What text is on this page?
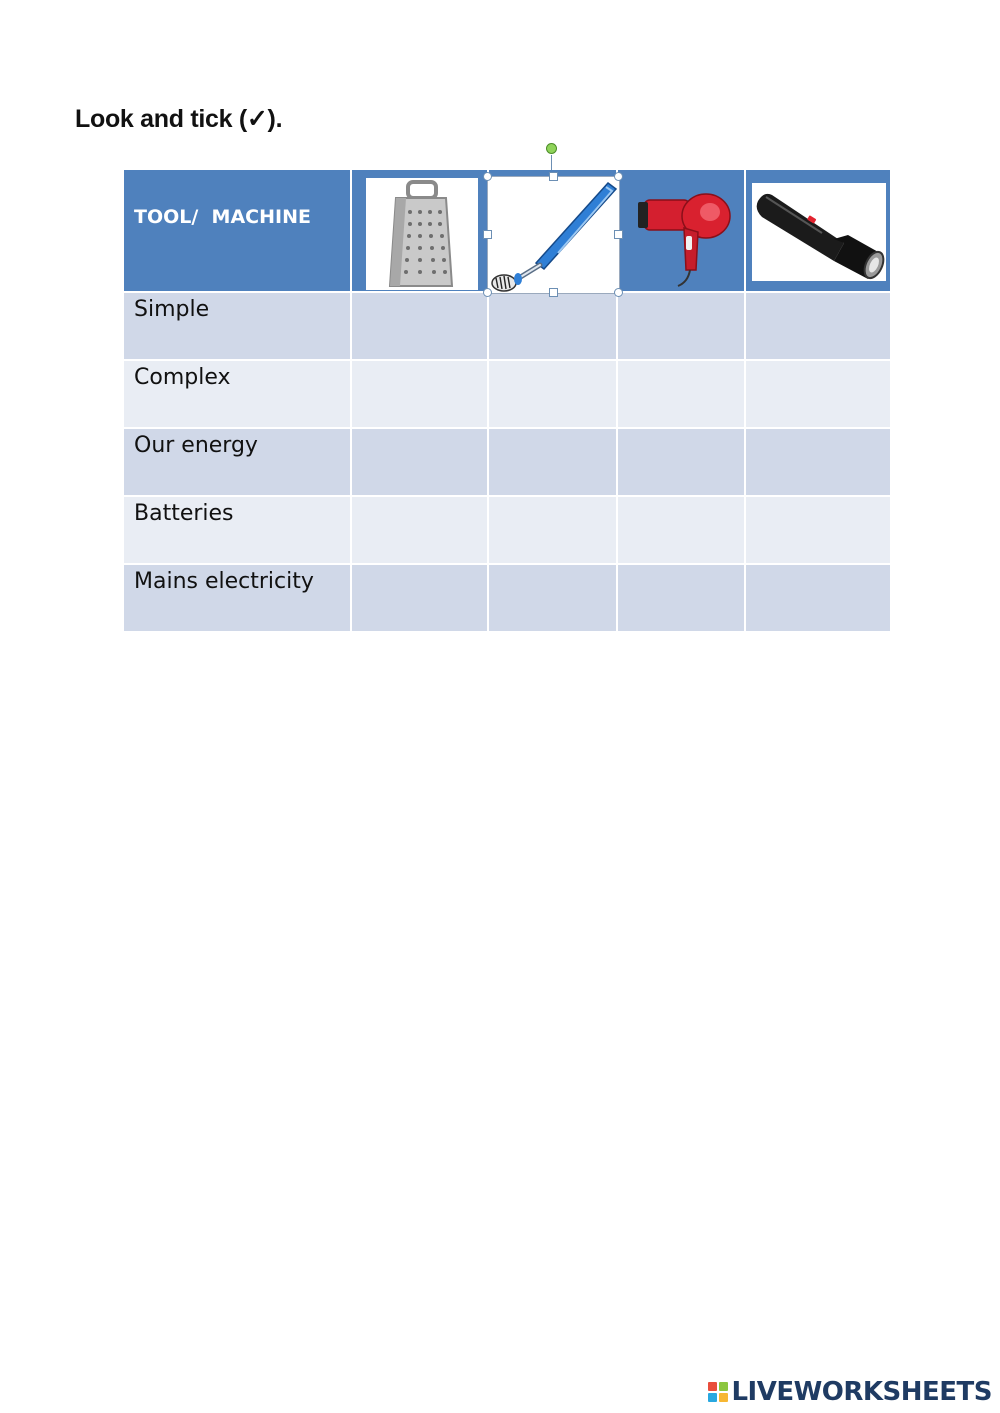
Look and tick (✓).
TOOL/  MACHINE

Simple				

Complex				

Our energy				

Batteries				

Mains electricity				

LIVEWORKSHEETS
